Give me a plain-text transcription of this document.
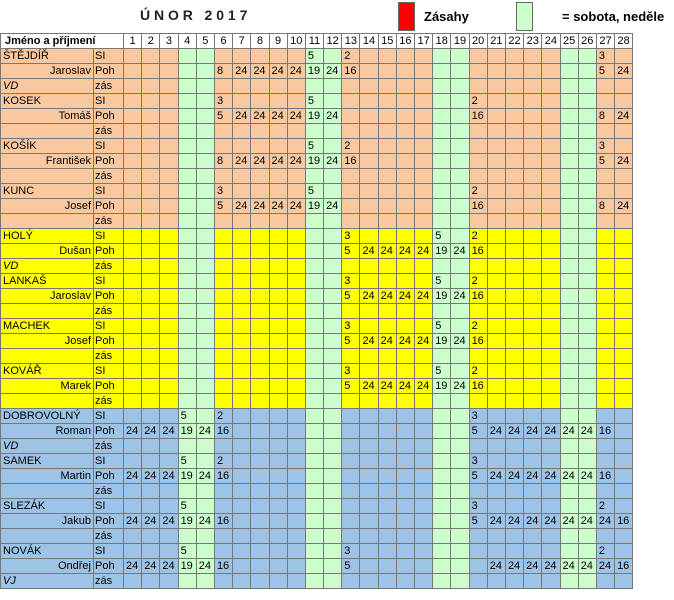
Ú N O R   2 0 1 7	Zásahy	= sobota, neděle
Jméno a příjmení		1	2	3	4	5	6	7	8	9	10	11	12	13	14	15	16	17	18	19	20	21	22	23	24	25	26	27	28
ŠTĚJDÍŘ	SI											5		2														3	
Jaroslav	Poh						8	24	24	24	24	19	24	16														5	24
VD	zás																												
KOSEK	SI						3					5									2								
Tomáš	Poh						5	24	24	24	24	19	24								16							8	24
	zás																												
KOŠÍK	SI											5		2														3	
František	Poh						8	24	24	24	24	19	24	16														5	24
	zás																												
KUNC	SI						3					5									2								
Josef	Poh						5	24	24	24	24	19	24								16							8	24
	zás																												
HOLÝ	SI													3					5		2								
Dušan	Poh													5	24	24	24	24	19	24	16								
VD	zás																												
LANKAŠ	SI													3					5		2								
Jaroslav	Poh													5	24	24	24	24	19	24	16								
	zás																												
MACHEK	SI													3					5		2								
Josef	Poh													5	24	24	24	24	19	24	16								
	zás																												
KOVÁŘ	SI													3					5		2								
Marek	Poh													5	24	24	24	24	19	24	16								
	zás																												
DOBROVOLNÝ	SI				5		2														3								
Roman	Poh	24	24	24	19	24	16														5	24	24	24	24	24	24	16	
VD	zás																												
SAMEK	SI				5		2														3								
Martin	Poh	24	24	24	19	24	16														5	24	24	24	24	24	24	16	
	zás																												
SLEZÁK	SI				5																3							2	
Jakub	Poh	24	24	24	19	24	16														5	24	24	24	24	24	24	24	16
	zás																												
NOVÁK	SI				5									3														2	
Ondřej	Poh	24	24	24	19	24	16							5								24	24	24	24	24	24	24	16
VJ	zás																												
